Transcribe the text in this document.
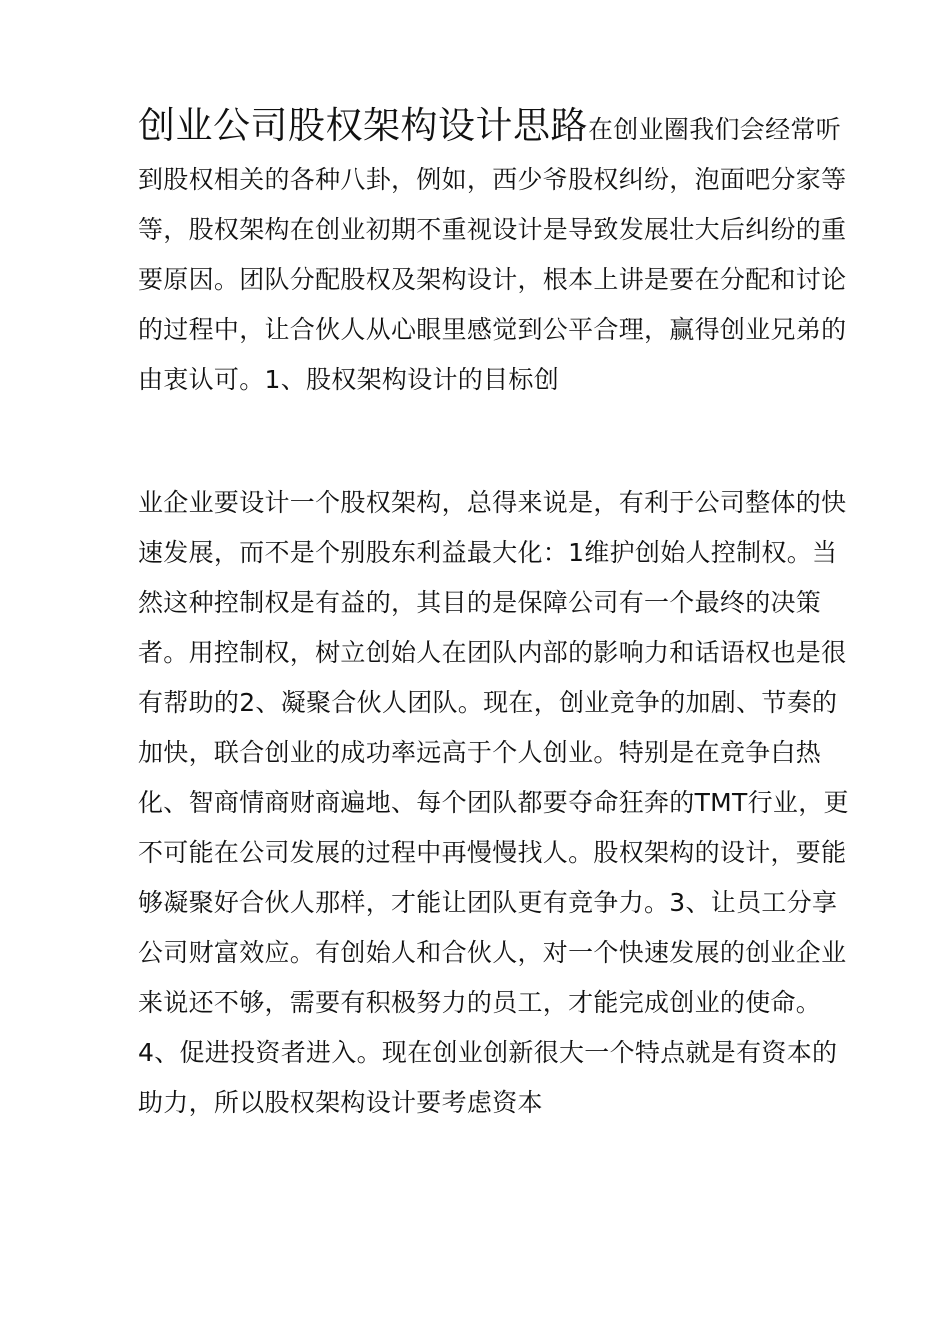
创业公司股权架构设计思路在创业圈我们会经常听到股权相关的各种八卦，例如，西少爷股权纠纷，泡面吧分家等等，股权架构在创业初期不重视设计是导致发展壮大后纠纷的重要原因。团队分配股权及架构设计，根本上讲是要在分配和讨论的过程中，让合伙人从心眼里感觉到公平合理，赢得创业兄弟的由衷认可。1、股权架构设计的目标创

业企业要设计一个股权架构，总得来说是，有利于公司整体的快速发展，而不是个别股东利益最大化：1维护创始人控制权。当然这种控制权是有益的，其目的是保障公司有一个最终的决策者。用控制权，树立创始人在团队内部的影响力和话语权也是很有帮助的2、凝聚合伙人团队。现在，创业竞争的加剧、节奏的加快，联合创业的成功率远高于个人创业。特别是在竞争白热化、智商情商财商遍地、每个团队都要夺命狂奔的TMT行业，更不可能在公司发展的过程中再慢慢找人。股权架构的设计，要能够凝聚好合伙人那样，才能让团队更有竞争力。3、让员工分享公司财富效应。有创始人和合伙人，对一个快速发展的创业企业来说还不够，需要有积极努力的员工，才能完成创业的使命。4、促进投资者进入。现在创业创新很大一个特点就是有资本的助力，所以股权架构设计要考虑资本
